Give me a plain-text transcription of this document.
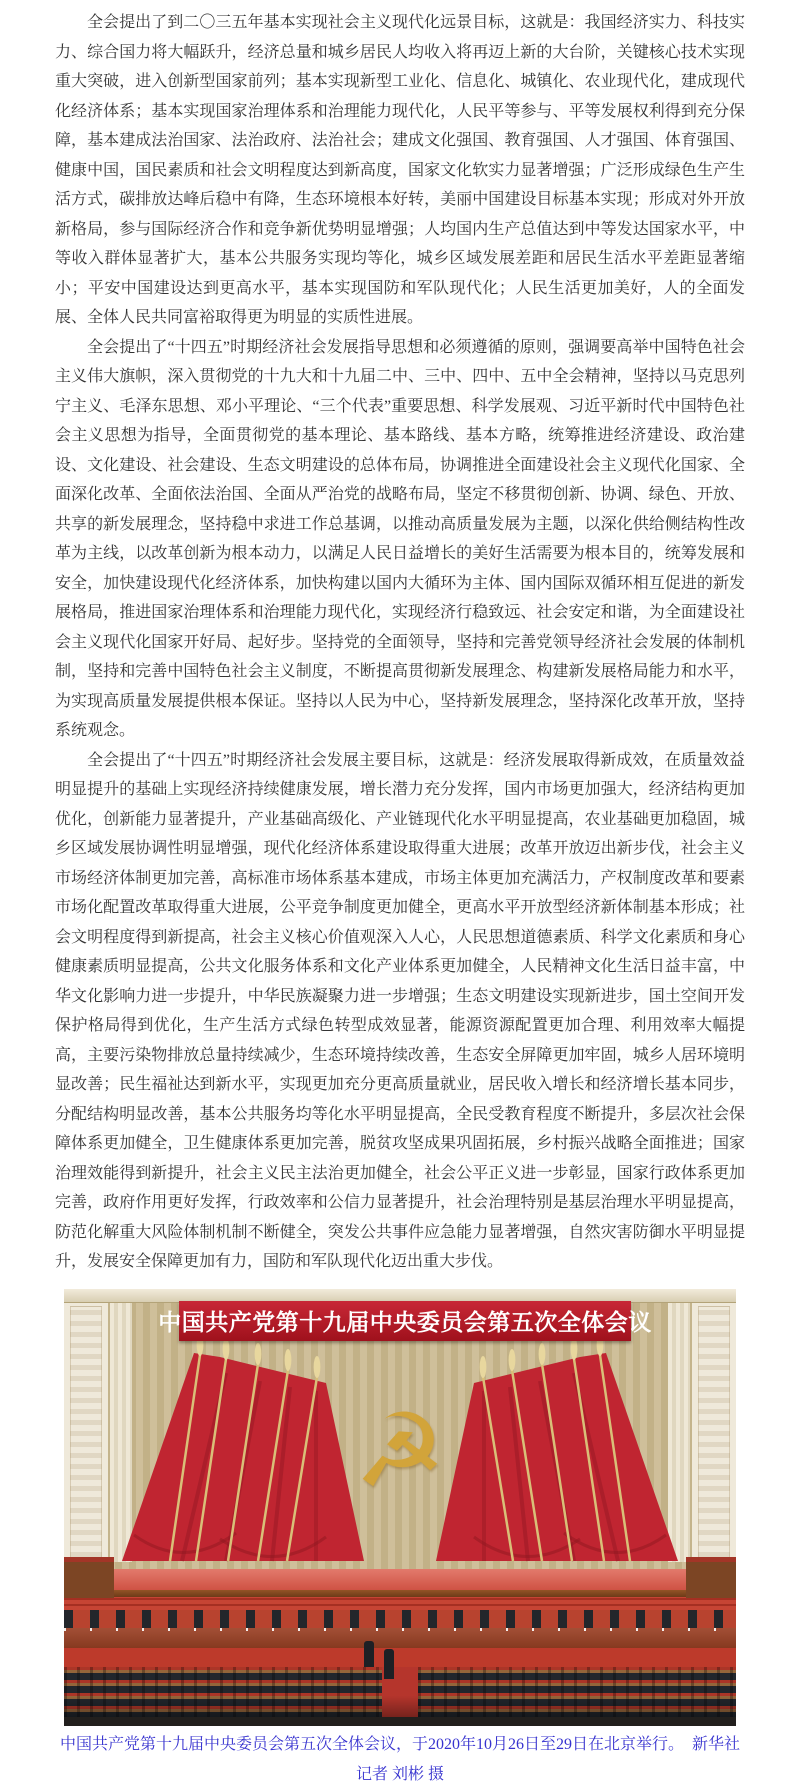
全会提出了到二〇三五年基本实现社会主义现代化远景目标，这就是：我国经济实力、科技实力、综合国力将大幅跃升，经济总量和城乡居民人均收入将再迈上新的大台阶，关键核心技术实现重大突破，进入创新型国家前列；基本实现新型工业化、信息化、城镇化、农业现代化，建成现代化经济体系；基本实现国家治理体系和治理能力现代化，人民平等参与、平等发展权利得到充分保障，基本建成法治国家、法治政府、法治社会；建成文化强国、教育强国、人才强国、体育强国、健康中国，国民素质和社会文明程度达到新高度，国家文化软实力显著增强；广泛形成绿色生产生活方式，碳排放达峰后稳中有降，生态环境根本好转，美丽中国建设目标基本实现；形成对外开放新格局，参与国际经济合作和竞争新优势明显增强；人均国内生产总值达到中等发达国家水平，中等收入群体显著扩大，基本公共服务实现均等化，城乡区域发展差距和居民生活水平差距显著缩小；平安中国建设达到更高水平，基本实现国防和军队现代化；人民生活更加美好，人的全面发展、全体人民共同富裕取得更为明显的实质性进展。

全会提出了“十四五”时期经济社会发展指导思想和必须遵循的原则，强调要高举中国特色社会主义伟大旗帜，深入贯彻党的十九大和十九届二中、三中、四中、五中全会精神，坚持以马克思列宁主义、毛泽东思想、邓小平理论、“三个代表”重要思想、科学发展观、习近平新时代中国特色社会主义思想为指导，全面贯彻党的基本理论、基本路线、基本方略，统筹推进经济建设、政治建设、文化建设、社会建设、生态文明建设的总体布局，协调推进全面建设社会主义现代化国家、全面深化改革、全面依法治国、全面从严治党的战略布局，坚定不移贯彻创新、协调、绿色、开放、共享的新发展理念，坚持稳中求进工作总基调，以推动高质量发展为主题，以深化供给侧结构性改革为主线，以改革创新为根本动力，以满足人民日益增长的美好生活需要为根本目的，统筹发展和安全，加快建设现代化经济体系，加快构建以国内大循环为主体、国内国际双循环相互促进的新发展格局，推进国家治理体系和治理能力现代化，实现经济行稳致远、社会安定和谐，为全面建设社会主义现代化国家开好局、起好步。坚持党的全面领导，坚持和完善党领导经济社会发展的体制机制，坚持和完善中国特色社会主义制度，不断提高贯彻新发展理念、构建新发展格局能力和水平，为实现高质量发展提供根本保证。坚持以人民为中心，坚持新发展理念，坚持深化改革开放，坚持系统观念。

全会提出了“十四五”时期经济社会发展主要目标，这就是：经济发展取得新成效，在质量效益明显提升的基础上实现经济持续健康发展，增长潜力充分发挥，国内市场更加强大，经济结构更加优化，创新能力显著提升，产业基础高级化、产业链现代化水平明显提高，农业基础更加稳固，城乡区域发展协调性明显增强，现代化经济体系建设取得重大进展；改革开放迈出新步伐，社会主义市场经济体制更加完善，高标准市场体系基本建成，市场主体更加充满活力，产权制度改革和要素市场化配置改革取得重大进展，公平竞争制度更加健全，更高水平开放型经济新体制基本形成；社会文明程度得到新提高，社会主义核心价值观深入人心，人民思想道德素质、科学文化素质和身心健康素质明显提高，公共文化服务体系和文化产业体系更加健全，人民精神文化生活日益丰富，中华文化影响力进一步提升，中华民族凝聚力进一步增强；生态文明建设实现新进步，国土空间开发保护格局得到优化，生产生活方式绿色转型成效显著，能源资源配置更加合理、利用效率大幅提高，主要污染物排放总量持续减少，生态环境持续改善，生态安全屏障更加牢固，城乡人居环境明显改善；民生福祉达到新水平，实现更加充分更高质量就业，居民收入增长和经济增长基本同步，分配结构明显改善，基本公共服务均等化水平明显提高，全民受教育程度不断提升，多层次社会保障体系更加健全，卫生健康体系更加完善，脱贫攻坚成果巩固拓展，乡村振兴战略全面推进；国家治理效能得到新提升，社会主义民主法治更加健全，社会公平正义进一步彰显，国家行政体系更加完善，政府作用更好发挥，行政效率和公信力显著提升，社会治理特别是基层治理水平明显提高，防范化解重大风险体制机制不断健全，突发公共事件应急能力显著增强，自然灾害防御水平明显提升，发展安全保障更加有力，国防和军队现代化迈出重大步伐。

☭
中国共产党第十九届中央委员会第五次全体会议

中国共产党第十九届中央委员会第五次全体会议，于2020年10月26日至29日在北京举行。　新华社记者 刘彬 摄
